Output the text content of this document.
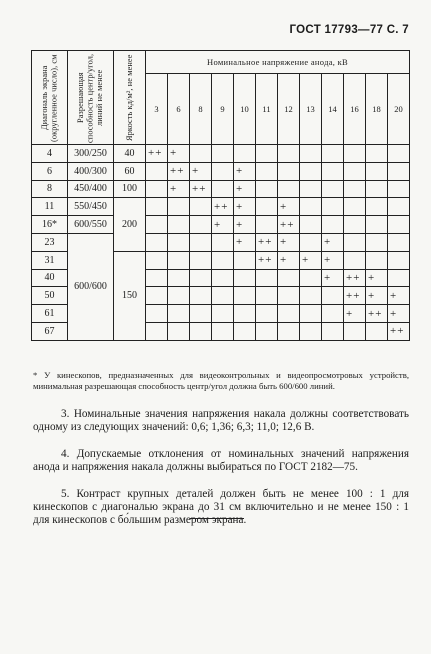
ГОСТ 17793—77 С. 7
Диагональ экрана (округленное число), см	Разрешающая способность центр/угол, линий не менее	Яркость кд/м², не менее	Номинальное напряжение анода, кВ											
			3	6	8	9	10	11	12	13	14	16	18	20
4	300/250	40	++	+										
6	400/300	60		++	+		+							
8	450/400	100		+	++		+							
11	550/450	200				++	+		+					
16*	600/550					+	+		++					
23	600/600						+	++	+		+			
31		150						++	+	+	+			
40											+	++	+	
50												++	+	+
61												+	++	+
67														++
* У кинескопов, предназначенных для видеоконтрольных и видеопросмотровых устройств, минимальная разрешающая способность центр/угол должна быть 600/600 линий.
3. Номинальные значения напряжения накала должны соответствовать одному из следующих значений: 0,6; 1,36; 6,3; 11,0; 12,6 В.
4. Допускаемые отклонения от номинальных значений напряжения анода и напряжения накала должны выбираться по ГОСТ 2182—75.
5. Контраст крупных деталей должен быть не менее 100 : 1 для кинескопов с диагональю экрана до 31 см включительно и не менее 150 : 1 для кинескопов с бо́льшим размером экрана.
